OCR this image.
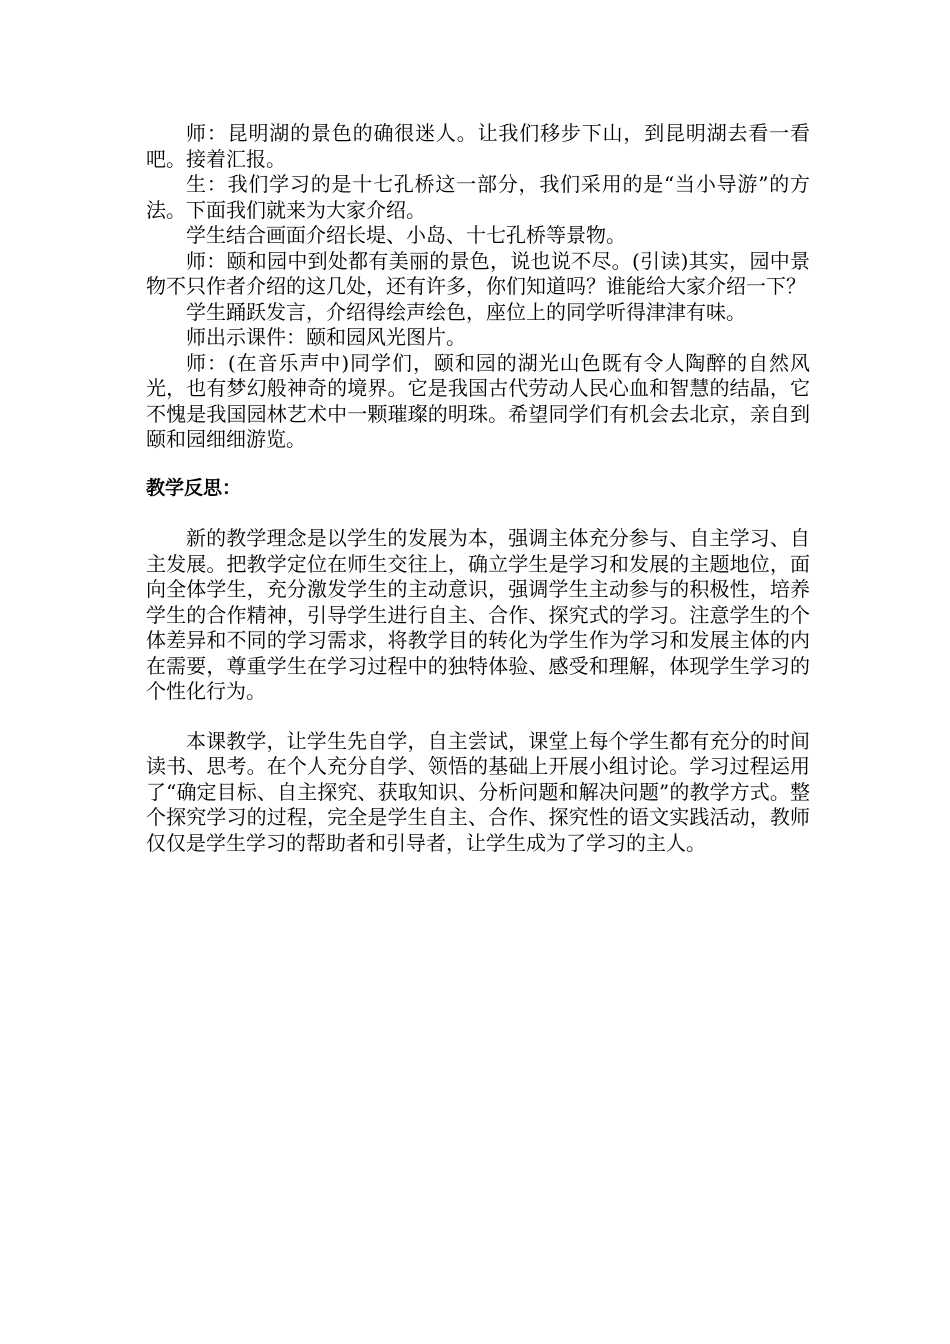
师：昆明湖的景色的确很迷人。让我们移步下山，到昆明湖去看一看吧。接着汇报。

生：我们学习的是十七孔桥这一部分，我们采用的是“当小导游”的方法。下面我们就来为大家介绍。

学生结合画面介绍长堤、小岛、十七孔桥等景物。

师：颐和园中到处都有美丽的景色，说也说不尽。(引读)其实，园中景物不只作者介绍的这几处，还有许多，你们知道吗？谁能给大家介绍一下？

学生踊跃发言，介绍得绘声绘色，座位上的同学听得津津有味。

师出示课件：颐和园风光图片。

师：(在音乐声中)同学们，颐和园的湖光山色既有令人陶醉的自然风光，也有梦幻般神奇的境界。它是我国古代劳动人民心血和智慧的结晶，它不愧是我国园林艺术中一颗璀璨的明珠。希望同学们有机会去北京，亲自到颐和园细细游览。

教学反思：

新的教学理念是以学生的发展为本，强调主体充分参与、自主学习、自主发展。把教学定位在师生交往上，确立学生是学习和发展的主题地位，面向全体学生，充分激发学生的主动意识，强调学生主动参与的积极性，培养学生的合作精神，引导学生进行自主、合作、探究式的学习。注意学生的个体差异和不同的学习需求，将教学目的转化为学生作为学习和发展主体的内在需要，尊重学生在学习过程中的独特体验、感受和理解，体现学生学习的个性化行为。

本课教学，让学生先自学，自主尝试，课堂上每个学生都有充分的时间读书、思考。在个人充分自学、领悟的基础上开展小组讨论。学习过程运用了“确定目标、自主探究、获取知识、分析问题和解决问题”的教学方式。整个探究学习的过程，完全是学生自主、合作、探究性的语文实践活动，教师仅仅是学生学习的帮助者和引导者，让学生成为了学习的主人。
